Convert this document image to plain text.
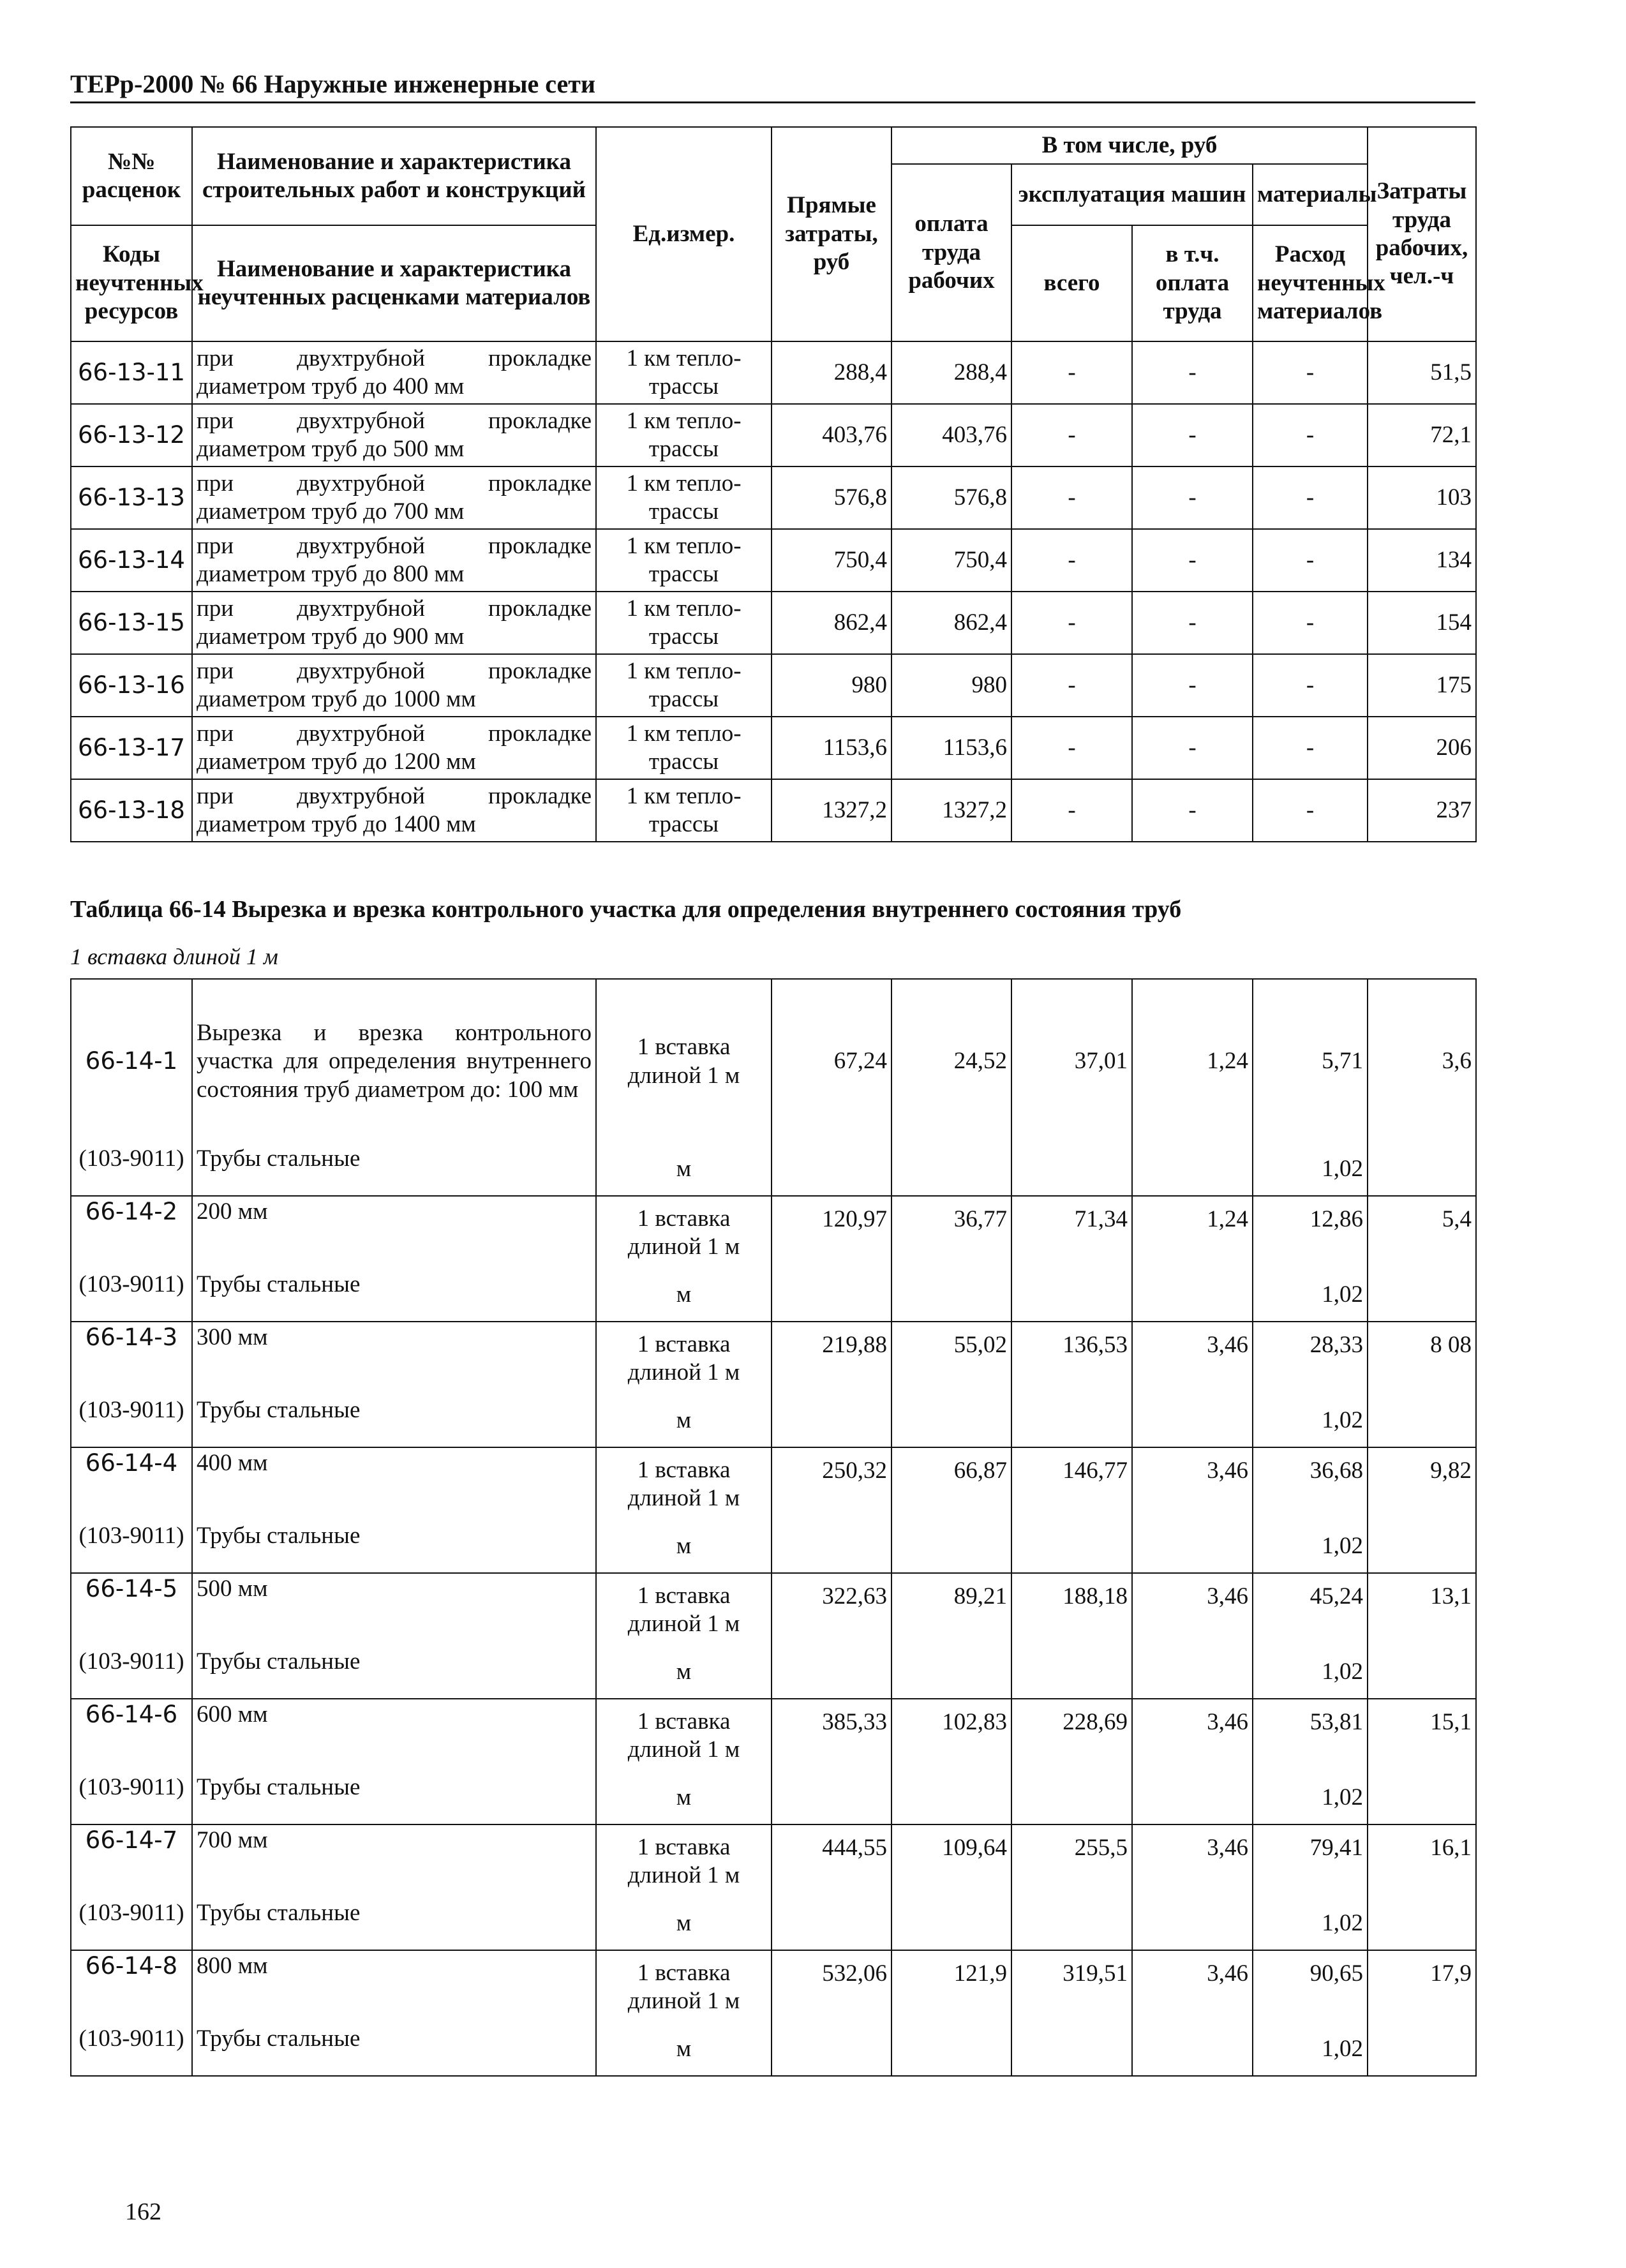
ТЕРр-2000 № 66 Наружные инженерные сети
№№ расценок	Наименование и характеристика строительных работ и конструкций	Ед.измер.	Прямые затраты, руб	В том числе, руб				Затраты труда рабочих, чел.-ч
				оплата труда рабочих	эксплуатация машин		материалы	

Коды неучтенных ресурсов	Наименование и характеристика неучтенных расценками материалов				всего	в т.ч. оплата труда	Расход неучтенных материалов	

66-13-11	при двухтрубной прокладке диаметром труб до 400 мм	1 км тепло-трассы	288,4	288,4	-	-	-	51,5
66-13-12	при двухтрубной прокладке диаметром труб до 500 мм	1 км тепло-трассы	403,76	403,76	-	-	-	72,1
66-13-13	при двухтрубной прокладке диаметром труб до 700 мм	1 км тепло-трассы	576,8	576,8	-	-	-	103
66-13-14	при двухтрубной прокладке диаметром труб до 800 мм	1 км тепло-трассы	750,4	750,4	-	-	-	134
66-13-15	при двухтрубной прокладке диаметром труб до 900 мм	1 км тепло-трассы	862,4	862,4	-	-	-	154
66-13-16	при двухтрубной прокладке диаметром труб до 1000 мм	1 км тепло-трассы	980	980	-	-	-	175
66-13-17	при двухтрубной прокладке диаметром труб до 1200 мм	1 км тепло-трассы	1153,6	1153,6	-	-	-	206
66-13-18	при двухтрубной прокладке диаметром труб до 1400 мм	1 км тепло-трассы	1327,2	1327,2	-	-	-	237
Таблица 66-14 Вырезка и врезка контрольного участка для определения внутреннего состояния труб
1 вставка длиной 1 м
66-14-1	Вырезка и врезка контрольного участка для определения внутреннего состояния труб диаметром до: 100 мм	1 вставка длиной 1 м	67,24	24,52	37,01	1,24	5,71	3,6
(103-9011)	Трубы стальные	м					1,02	
66-14-2	200 мм	1 вставка длиной 1 м	120,97	36,77	71,34	1,24	12,86	5,4
(103-9011)	Трубы стальные	м					1,02	
66-14-3	300 мм	1 вставка длиной 1 м	219,88	55,02	136,53	3,46	28,33	8 08
(103-9011)	Трубы стальные	м					1,02	
66-14-4	400 мм	1 вставка длиной 1 м	250,32	66,87	146,77	3,46	36,68	9,82
(103-9011)	Трубы стальные	м					1,02	
66-14-5	500 мм	1 вставка длиной 1 м	322,63	89,21	188,18	3,46	45,24	13,1
(103-9011)	Трубы стальные	м					1,02	
66-14-6	600 мм	1 вставка длиной 1 м	385,33	102,83	228,69	3,46	53,81	15,1
(103-9011)	Трубы стальные	м					1,02	
66-14-7	700 мм	1 вставка длиной 1 м	444,55	109,64	255,5	3,46	79,41	16,1
(103-9011)	Трубы стальные	м					1,02	
66-14-8	800 мм	1 вставка длиной 1 м	532,06	121,9	319,51	3,46	90,65	17,9
(103-9011)	Трубы стальные	м					1,02	
162
